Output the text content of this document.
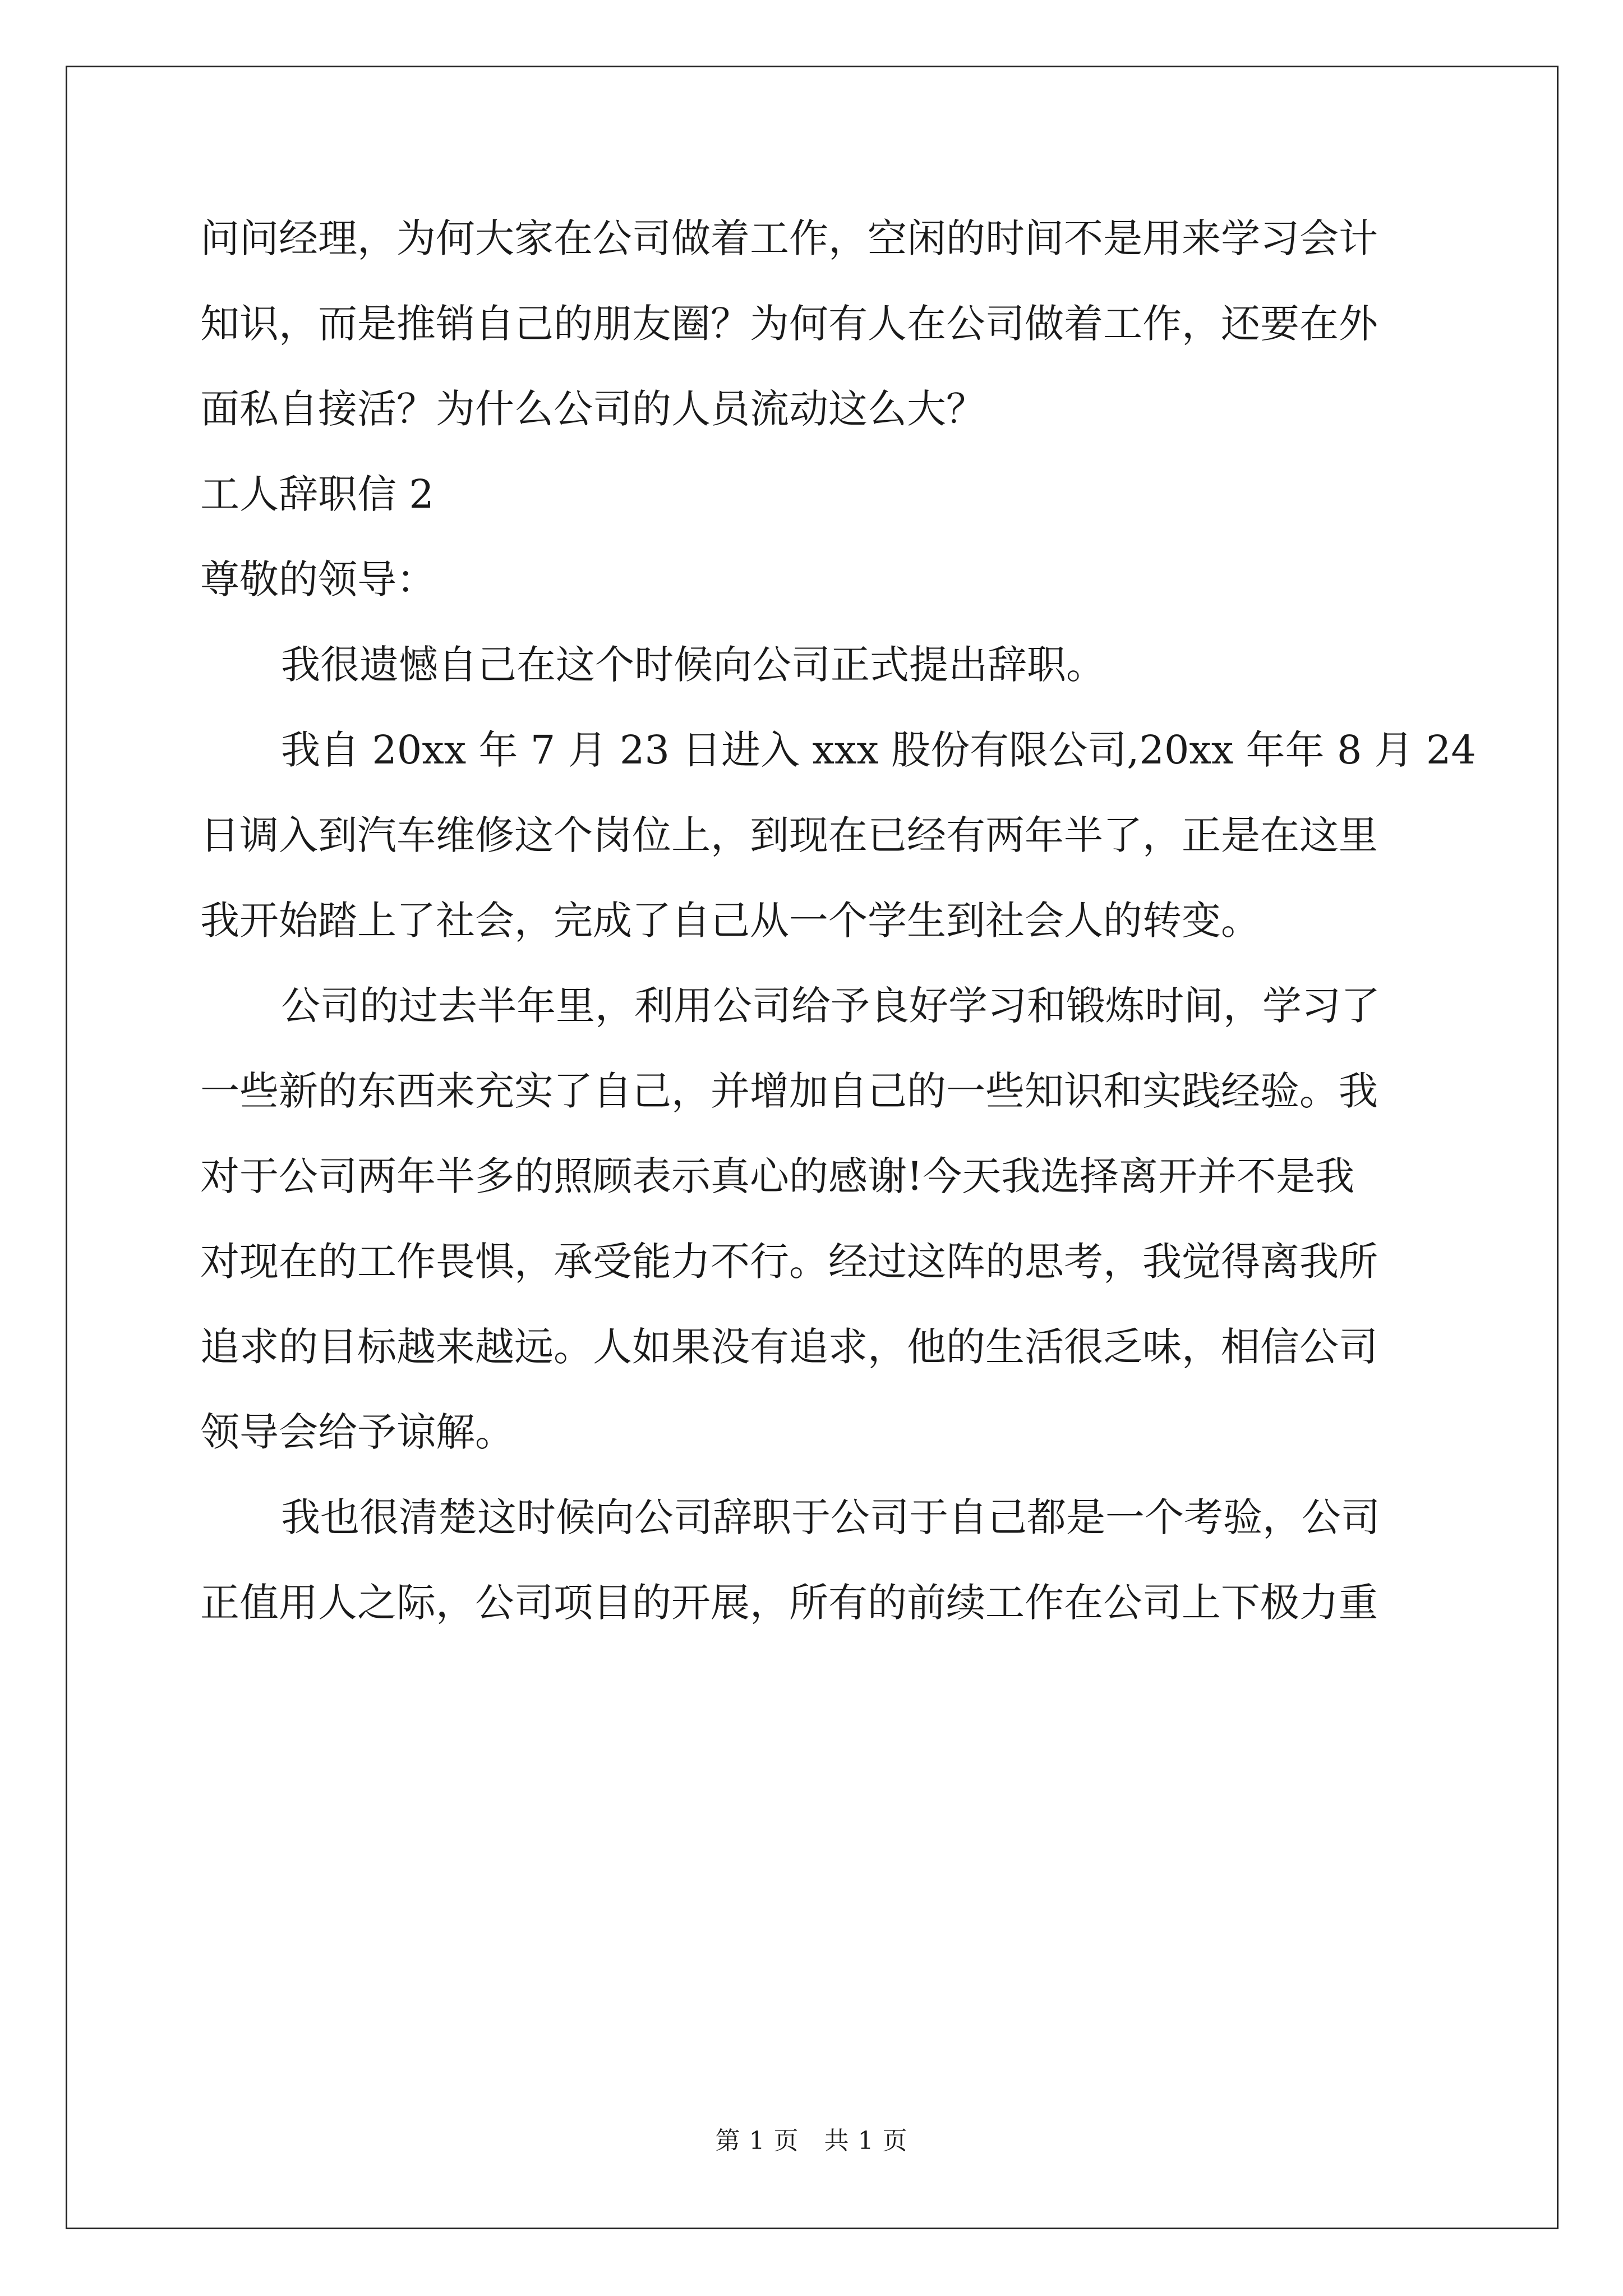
问问经理，为何大家在公司做着工作，空闲的时间不是用来学习会计
知识，而是推销自己的朋友圈？为何有人在公司做着工作，还要在外
面私自接活？为什么公司的人员流动这么大？
工人辞职信 2
尊敬的领导：
我很遗憾自己在这个时候向公司正式提出辞职。
我自 20xx 年 7 月 23 日进入 xxx 股份有限公司,20xx 年年 8 月 24
日调入到汽车维修这个岗位上，到现在已经有两年半了，正是在这里
我开始踏上了社会，完成了自己从一个学生到社会人的转变。
公司的过去半年里，利用公司给予良好学习和锻炼时间，学习了
一些新的东西来充实了自己，并增加自己的一些知识和实践经验。我
对于公司两年半多的照顾表示真心的感谢!今天我选择离开并不是我
对现在的工作畏惧，承受能力不行。经过这阵的思考，我觉得离我所
追求的目标越来越远。人如果没有追求，他的生活很乏味，相信公司
领导会给予谅解。
我也很清楚这时候向公司辞职于公司于自己都是一个考验，公司
正值用人之际，公司项目的开展，所有的前续工作在公司上下极力重
第 1 页　共 1 页
